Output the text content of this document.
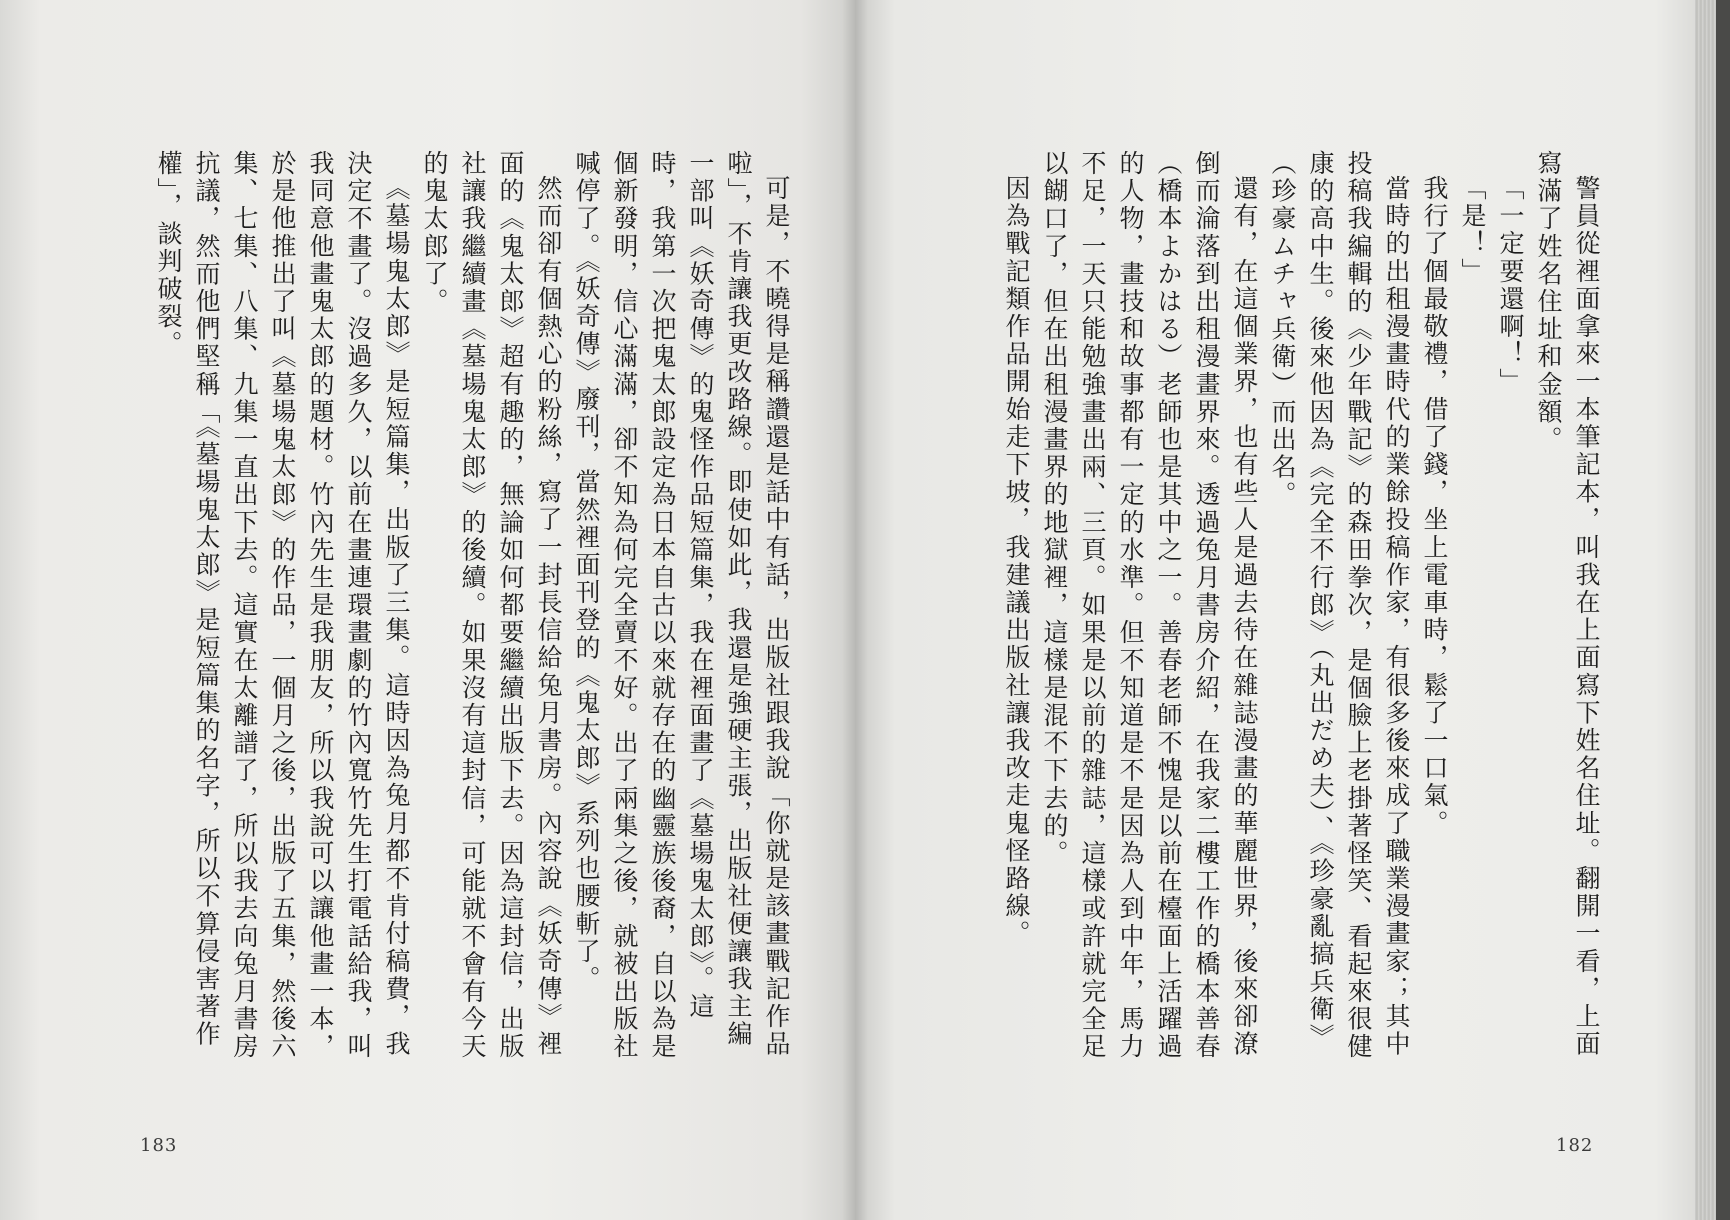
警員從裡面拿來一本筆記本，叫我在上面寫下姓名住址。翻開一看，上面寫滿了姓名住址和金額。

「一定要還啊！」

「是！」

我行了個最敬禮，借了錢，坐上電車時，鬆了一口氣。

當時的出租漫畫時代的業餘投稿作家，有很多後來成了職業漫畫家；其中投稿我編輯的《少年戰記》的森田拳次，是個臉上老掛著怪笑、看起來很健康的高中生。後來他因為《完全不行郎》（丸出だめ夫）、《珍豪亂搞兵衛》（珍豪ムチャ兵衛）而出名。

還有，在這個業界，也有些人是過去待在雜誌漫畫的華麗世界，後來卻潦倒而淪落到出租漫畫界來。透過兔月書房介紹，在我家二樓工作的橋本善春（橋本よかはる）老師也是其中之一。善春老師不愧是以前在檯面上活躍過的人物，畫技和故事都有一定的水準。但不知道是不是因為人到中年，馬力不足，一天只能勉強畫出兩、三頁。如果是以前的雜誌，這樣或許就完全足以餬口了，但在出租漫畫界的地獄裡，這樣是混不下去的。

因為戰記類作品開始走下坡，我建議出版社讓我改走鬼怪路線。

可是，不曉得是稱讚還是話中有話，出版社跟我說「你就是該畫戰記作品啦」，不肯讓我更改路線。即使如此，我還是強硬主張，出版社便讓我主編一部叫《妖奇傳》的鬼怪作品短篇集，我在裡面畫了《墓場鬼太郎》。這時，我第一次把鬼太郎設定為日本自古以來就存在的幽靈族後裔，自以為是個新發明，信心滿滿，卻不知為何完全賣不好。出了兩集之後，就被出版社喊停了。《妖奇傳》廢刊，當然裡面刊登的《鬼太郎》系列也腰斬了。

然而卻有個熱心的粉絲，寫了一封長信給兔月書房。內容說《妖奇傳》裡面的《鬼太郎》超有趣的，無論如何都要繼續出版下去。因為這封信，出版社讓我繼續畫《墓場鬼太郎》的後續。如果沒有這封信，可能就不會有今天的鬼太郎了。

《墓場鬼太郎》是短篇集，出版了三集。這時因為兔月都不肯付稿費，我決定不畫了。沒過多久，以前在畫連環畫劇的竹內寬竹先生打電話給我，叫我同意他畫鬼太郎的題材。竹內先生是我朋友，所以我說可以讓他畫一本，於是他推出了叫《墓場鬼太郎》的作品，一個月之後，出版了五集，然後六集、七集、八集、九集一直出下去。這實在太離譜了，所以我去向兔月書房抗議，然而他們堅稱「《墓場鬼太郎》是短篇集的名字，所以不算侵害著作權」，談判破裂。

183	182
